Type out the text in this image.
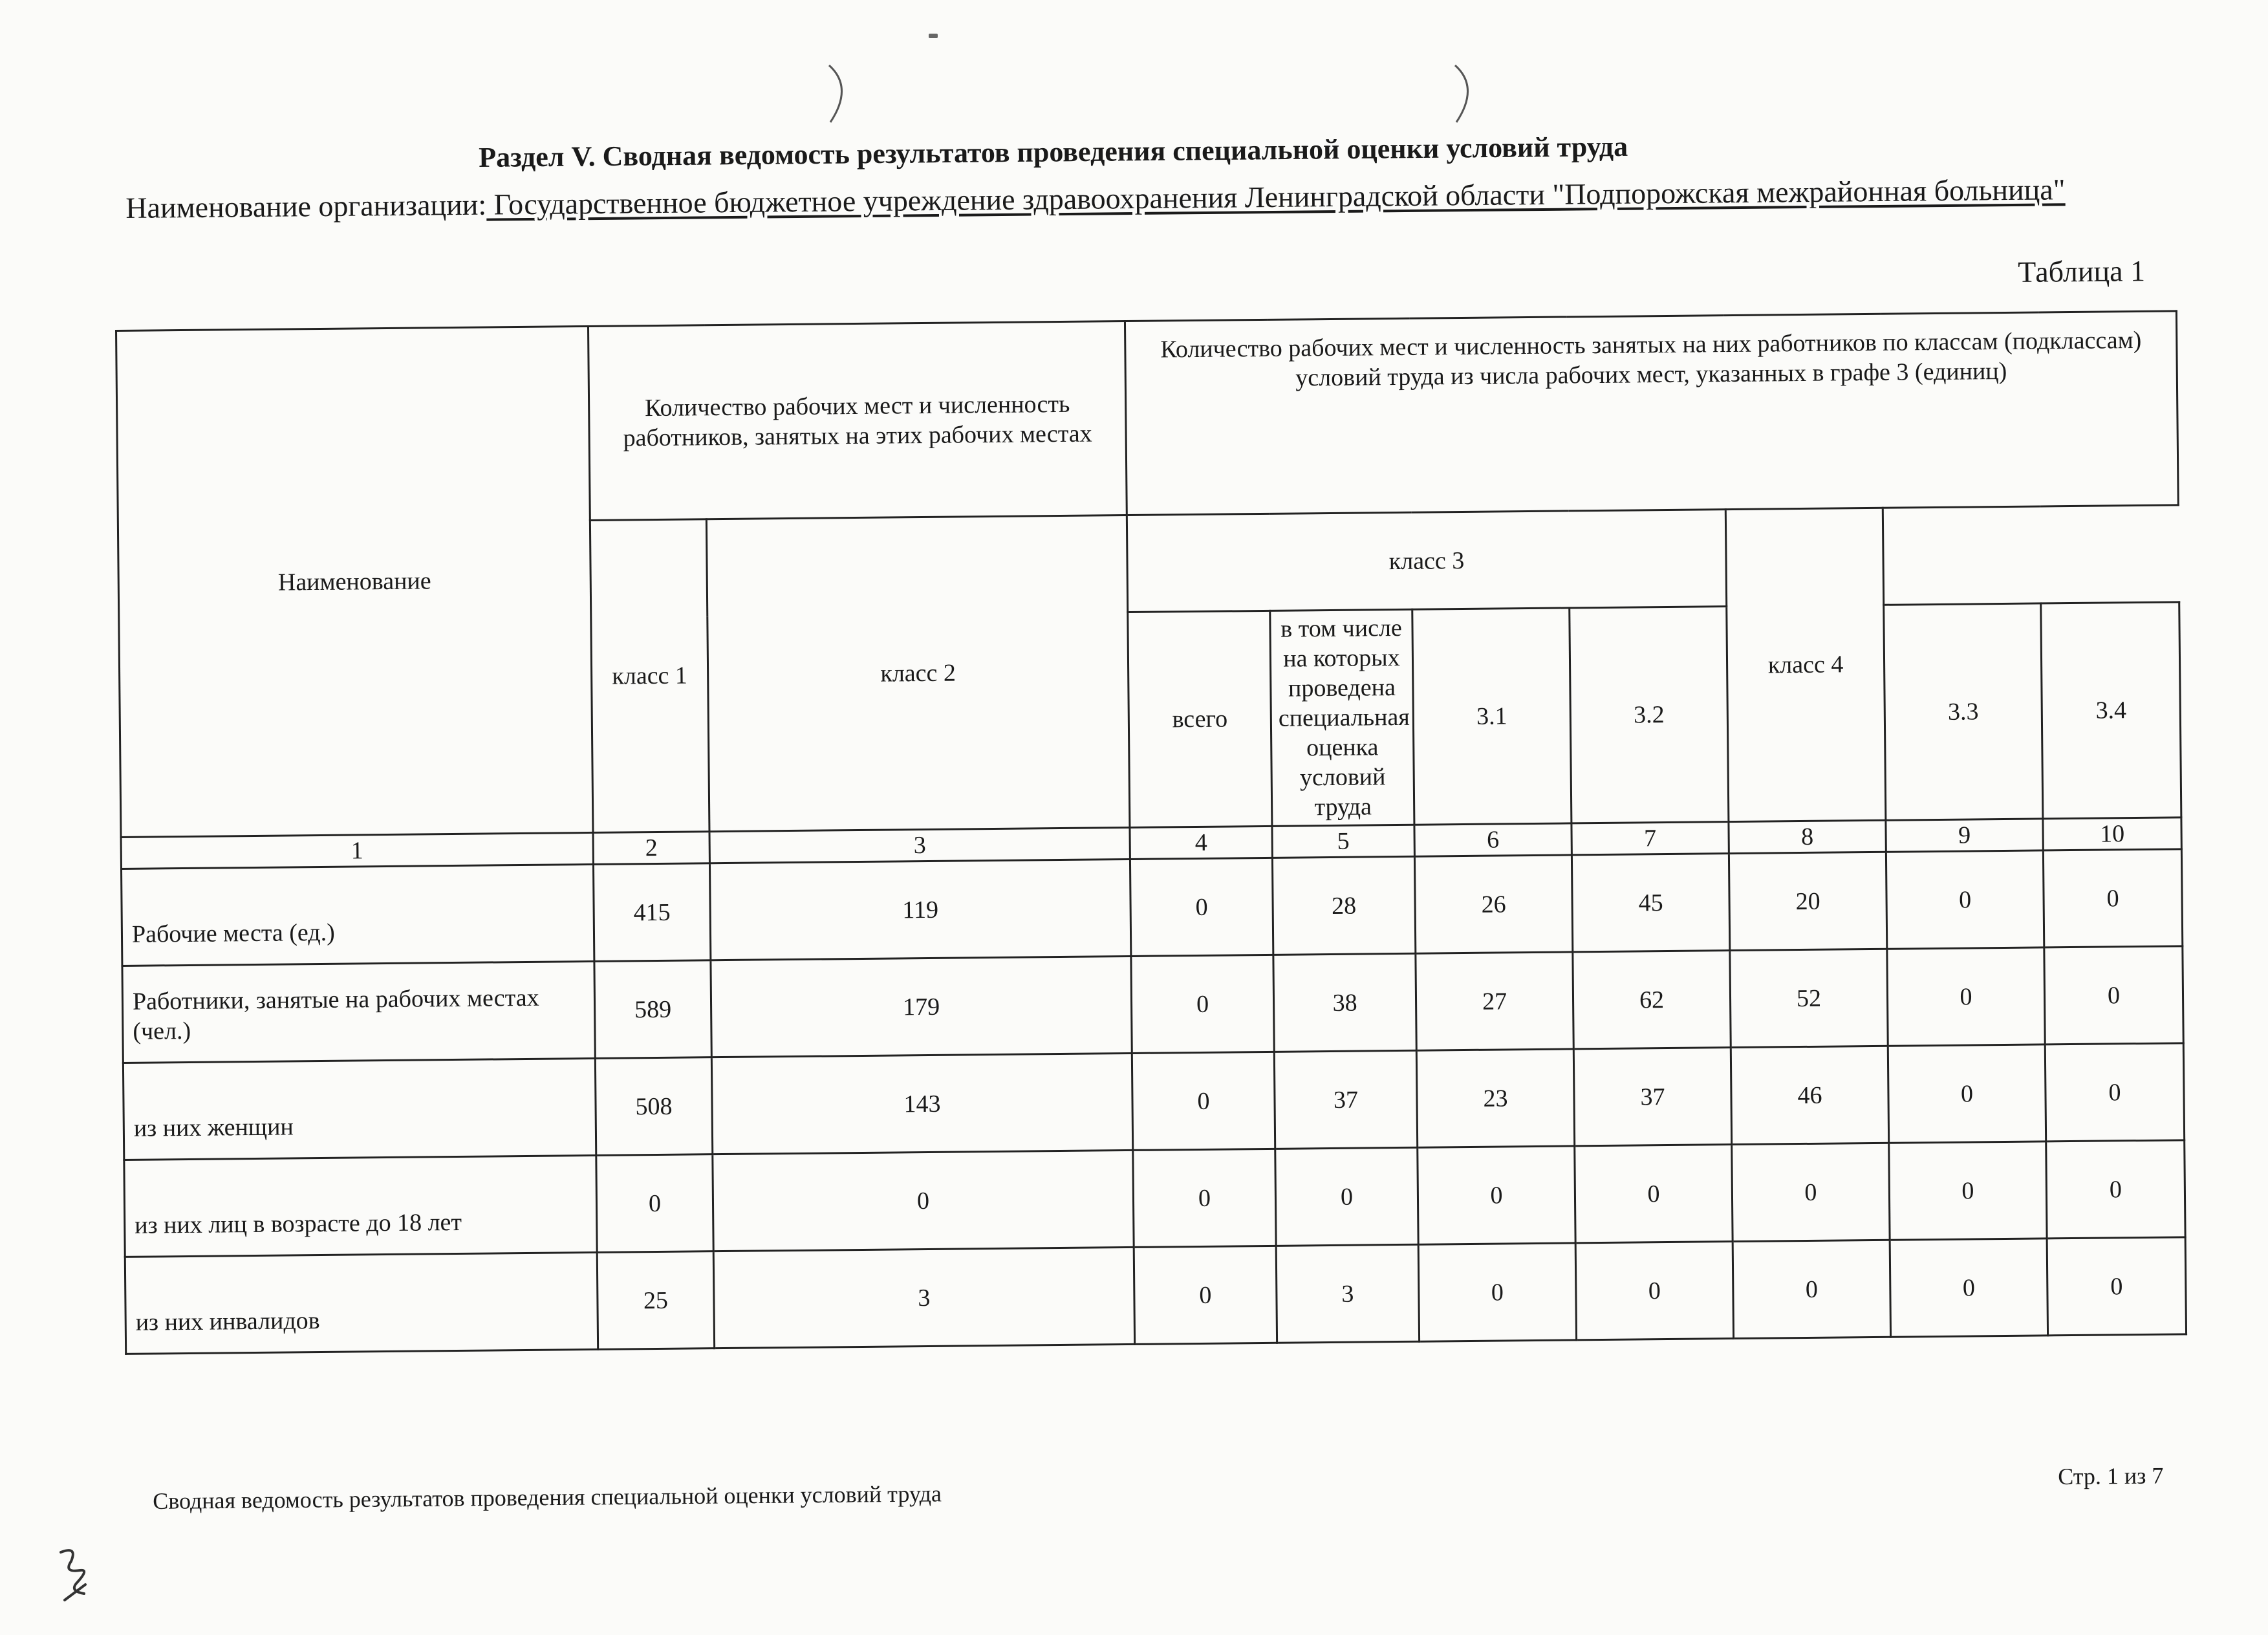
Раздел V. Сводная ведомость результатов проведения специальной оценки условий труда
Наименование организации: Государственное бюджетное учреждение здравоохранения Ленинградской области "Подпорожская межрайонная больница"
Таблица 1
Наименование	Количество рабочих мест и численность работников, занятых на этих рабочих местах		Количество рабочих мест и численность занятых на них работников по классам (подклассам) условий труда из числа рабочих мест, указанных в графе 3 (единиц)						
	класс 1	класс 2	класс 3				класс 4		
			всего	в том числе на которых проведена специальная оценка условий труда	3.1	3.2		3.3	3.4
1	2	3	4	5	6	7	8	9	10
Рабочие места (ед.)	415	119	0	28	26	45	20	0	0
Работники, занятые на рабочих местах (чел.)	589	179	0	38	27	62	52	0	0
из них женщин	508	143	0	37	23	37	46	0	0
из них лиц в возрасте до 18 лет	0	0	0	0	0	0	0	0	0
из них инвалидов	25	3	0	3	0	0	0	0	0
Стр. 1 из 7
Сводная ведомость результатов проведения специальной оценки условий труда
